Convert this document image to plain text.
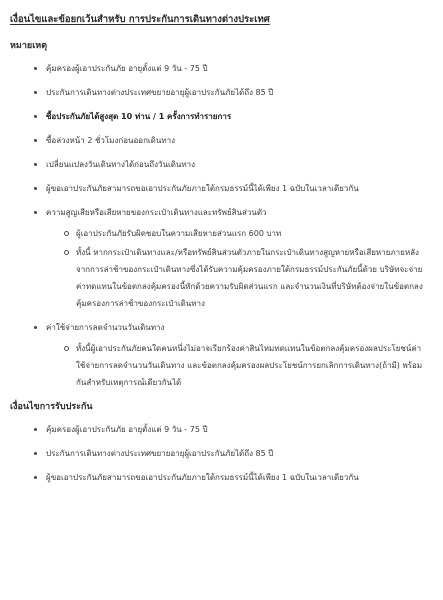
เงื่อนไขและข้อยกเว้นสำหรับ การประกันการเดินทางต่างประเทศ
หมายเหตุ
คุ้มครองผู้เอาประกันภัย อายุตั้งแต่ 9 วัน - 75 ปี
ประกันการเดินทางต่างประเทศขยายอายุผู้เอาประกันภัยได้ถึง 85 ปี
ซื้อประกันภัยได้สูงสุด 10 ท่าน / 1 ครั้งการทำรายการ
ซื้อล่วงหน้า 2 ชั่วโมงก่อนออกเดินทาง
เปลี่ยนแปลงวันเดินทางได้ก่อนถึงวันเดินทาง
ผู้ขอเอาประกันภัยสามารถขอเอาประกันภัยภายใต้กรมธรรม์นี้ได้เพียง 1 ฉบับในเวลาเดียวกัน
ความสูญเสียหรือเสียหายของกระเป๋าเดินทางและทรัพย์สินส่วนตัว
ผู้เอาประกันภัยรับผิดชอบในความเสียหายส่วนแรก 600 บาท
ทั้งนี้ หากกระเป๋าเดินทางและ/หรือทรัพย์สินส่วนตัวภายในกระเป๋าเดินทางสูญหายหรือเสียหายภายหลังจากการล่าช้าของกระเป๋าเดินทางซึ่งได้รับความคุ้มครองภายใต้กรมธรรม์ประกันภัยนี้ด้วย บริษัทจะจ่ายค่าทดแทนในข้อตกลงคุ้มครองนี้หักด้วยความรับผิดส่วนแรก และจำนวนเงินที่บริษัทต้องจ่ายในข้อตกลงคุ้มครองการล่าช้าของกระเป๋าเดินทาง
ค่าใช้จ่ายการลดจำนวนวันเดินทาง
ทั้งนี้ผู้เอาประกันภัยคนใดคนหนึ่งไม่อาจเรียกร้องค่าสินไหมทดแทนในข้อตกลงคุ้มครองผลประโยชน์ค่าใช้จ่ายการลดจำนวนวันเดินทาง และข้อตกลงคุ้มครองผลประโยชน์การยกเลิกการเดินทาง(ถ้ามี) พร้อมกันสำหรับเหตุการณ์เดียวกันได้
เงื่อนไขการรับประกัน
คุ้มครองผู้เอาประกันภัย อายุตั้งแต่ 9 วัน - 75 ปี
ประกันการเดินทางต่างประเทศขยายอายุผู้เอาประกันภัยได้ถึง 85 ปี
ผู้ขอเอาประกันภัยสามารถขอเอาประกันภัยภายใต้กรมธรรม์นี้ได้เพียง 1 ฉบับในเวลาเดียวกัน
